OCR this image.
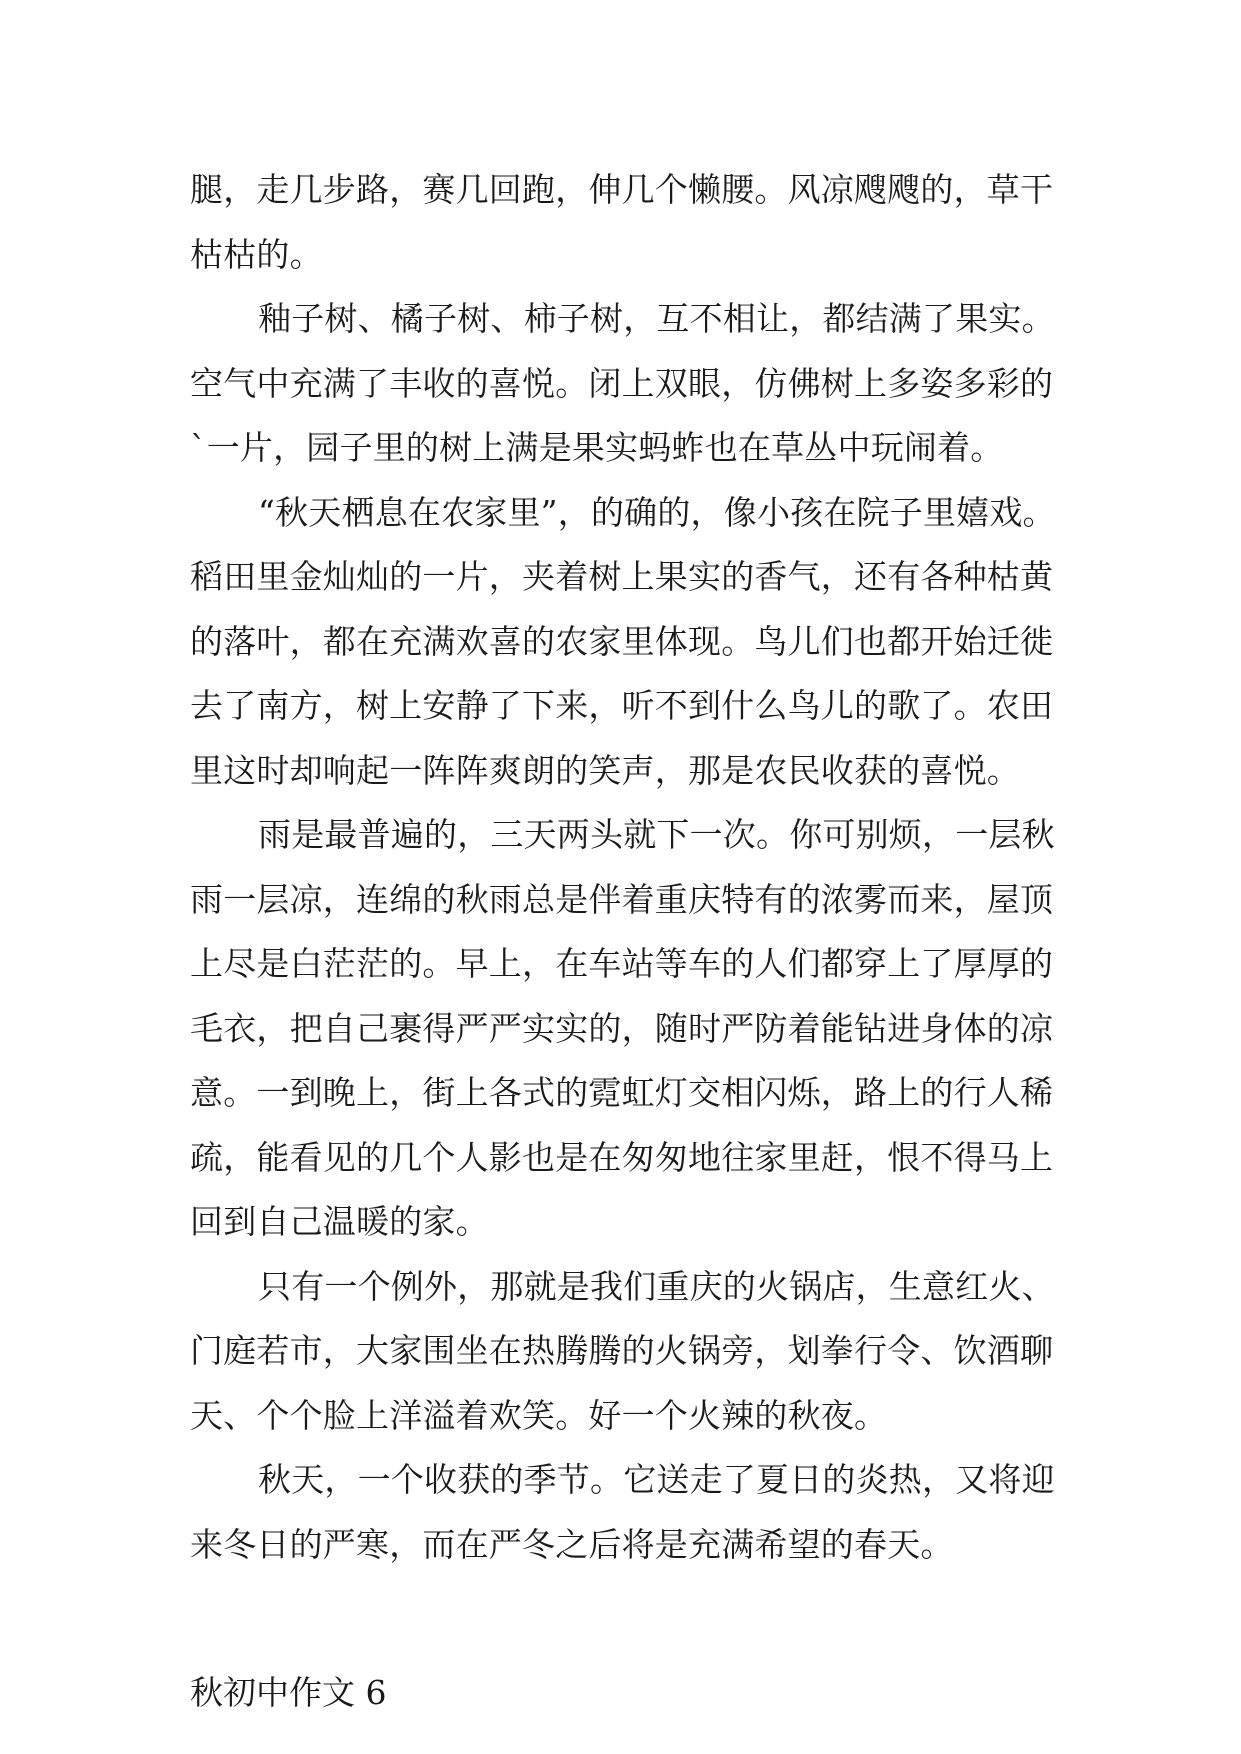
腿，走几步路，赛几回跑，伸几个懒腰。风凉飕飕的，草干
枯枯的。
釉子树、橘子树、柿子树，互不相让，都结满了果实。
空气中充满了丰收的喜悦。闭上双眼，仿佛树上多姿多彩的
`一片，园子里的树上满是果实蚂蚱也在草丛中玩闹着。
“秋天栖息在农家里”，的确的，像小孩在院子里嬉戏。
稻田里金灿灿的一片，夹着树上果实的香气，还有各种枯黄
的落叶，都在充满欢喜的农家里体现。鸟儿们也都开始迁徙
去了南方，树上安静了下来，听不到什么鸟儿的歌了。农田
里这时却响起一阵阵爽朗的笑声，那是农民收获的喜悦。
雨是最普遍的，三天两头就下一次。你可别烦，一层秋
雨一层凉，连绵的秋雨总是伴着重庆特有的浓雾而来，屋顶
上尽是白茫茫的。早上，在车站等车的人们都穿上了厚厚的
毛衣，把自己裹得严严实实的，随时严防着能钻进身体的凉
意。一到晚上，街上各式的霓虹灯交相闪烁，路上的行人稀
疏，能看见的几个人影也是在匆匆地往家里赶，恨不得马上
回到自己温暖的家。
只有一个例外，那就是我们重庆的火锅店，生意红火、
门庭若市，大家围坐在热腾腾的火锅旁，划拳行令、饮酒聊
天、个个脸上洋溢着欢笑。好一个火辣的秋夜。
秋天，一个收获的季节。它送走了夏日的炎热，又将迎
来冬日的严寒，而在严冬之后将是充满希望的春天。
秋初中作文 6
